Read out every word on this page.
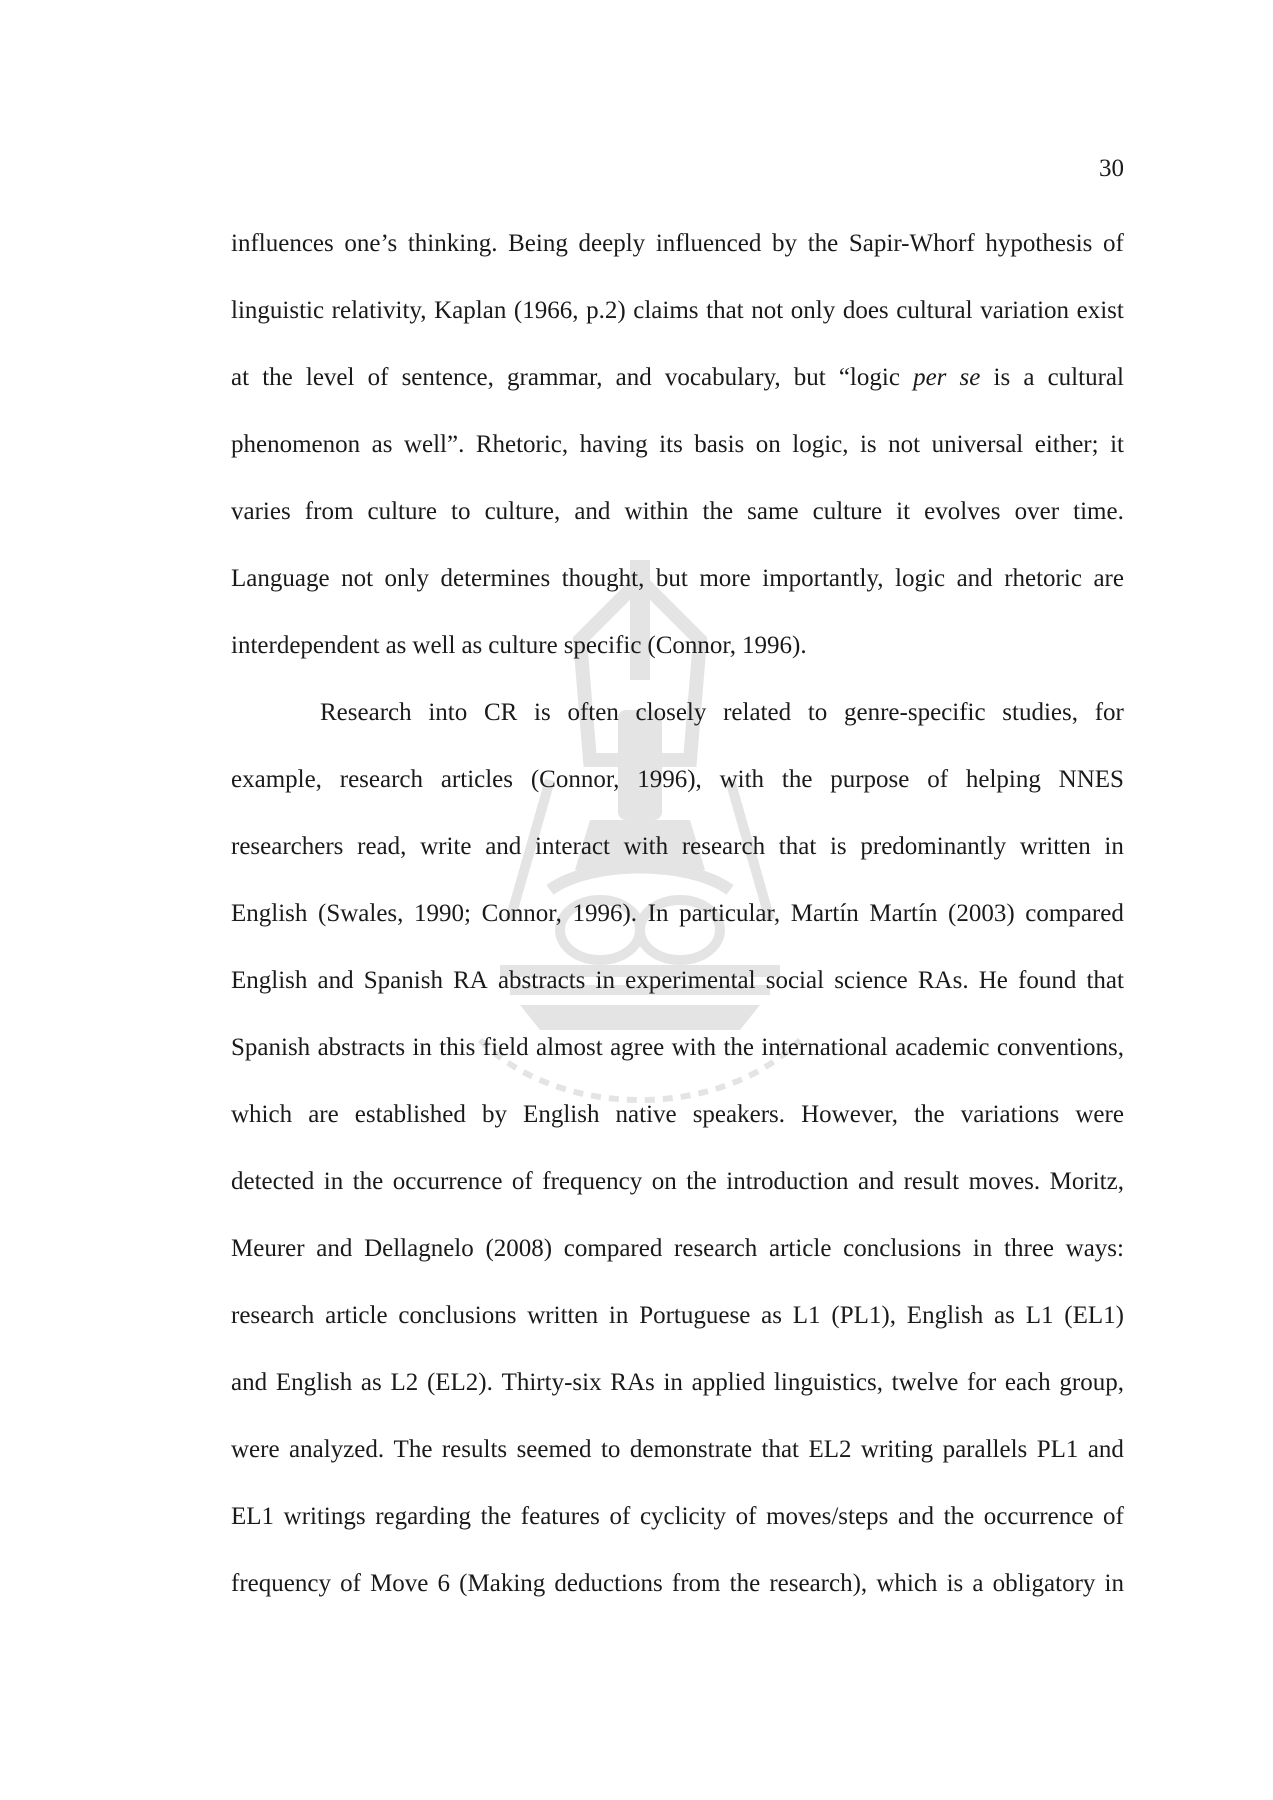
30
influences one’s thinking. Being deeply influenced by the Sapir-Whorf hypothesis of
linguistic relativity, Kaplan (1966, p.2) claims that not only does cultural variation exist
at the level of sentence, grammar, and vocabulary, but “logic per se is a cultural
phenomenon as well”. Rhetoric, having its basis on logic, is not universal either; it
varies from culture to culture, and within the same culture it evolves over time.
Language not only determines thought, but more importantly, logic and rhetoric are
interdependent as well as culture specific (Connor, 1996).
Research into CR is often closely related to genre-specific studies, for
example, research articles (Connor, 1996), with the purpose of helping NNES
researchers read, write and interact with research that is predominantly written in
English (Swales, 1990; Connor, 1996). In particular, Martín Martín (2003) compared
English and Spanish RA abstracts in experimental social science RAs. He found that
Spanish abstracts in this field almost agree with the international academic conventions,
which are established by English native speakers. However, the variations were
detected in the occurrence of frequency on the introduction and result moves. Moritz,
Meurer and Dellagnelo (2008) compared research article conclusions in three ways:
research article conclusions written in Portuguese as L1 (PL1), English as L1 (EL1)
and English as L2 (EL2). Thirty-six RAs in applied linguistics, twelve for each group,
were analyzed. The results seemed to demonstrate that EL2 writing parallels PL1 and
EL1 writings regarding the features of cyclicity of moves/steps and the occurrence of
frequency of Move 6 (Making deductions from the research), which is a obligatory in
